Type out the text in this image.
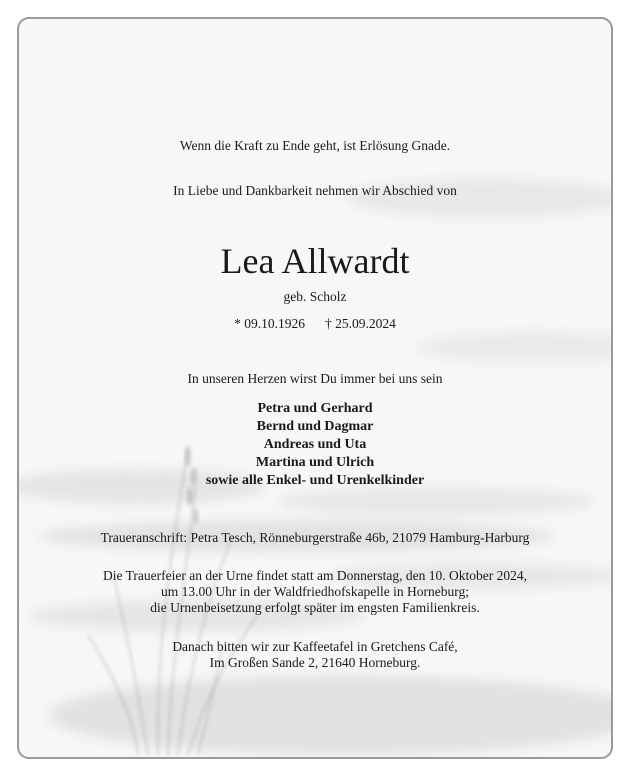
Wenn die Kraft zu Ende geht, ist Erlösung Gnade.
In Liebe und Dankbarkeit nehmen wir Abschied von
Lea Allwardt
geb. Scholz
* 09.10.1926 † 25.09.2024
In unseren Herzen wirst Du immer bei uns sein
Petra und Gerhard
Bernd und Dagmar
Andreas und Uta
Martina und Ulrich
sowie alle Enkel- und Urenkelkinder
Traueranschrift: Petra Tesch, Rönneburgerstraße 46b, 21079 Hamburg-Harburg
Die Trauerfeier an der Urne findet statt am Donnerstag, den 10. Oktober 2024,
um 13.00 Uhr in der Waldfriedhofskapelle in Horneburg;
die Urnenbeisetzung erfolgt später im engsten Familienkreis.
Danach bitten wir zur Kaffeetafel in Gretchens Café,
Im Großen Sande 2, 21640 Horneburg.
